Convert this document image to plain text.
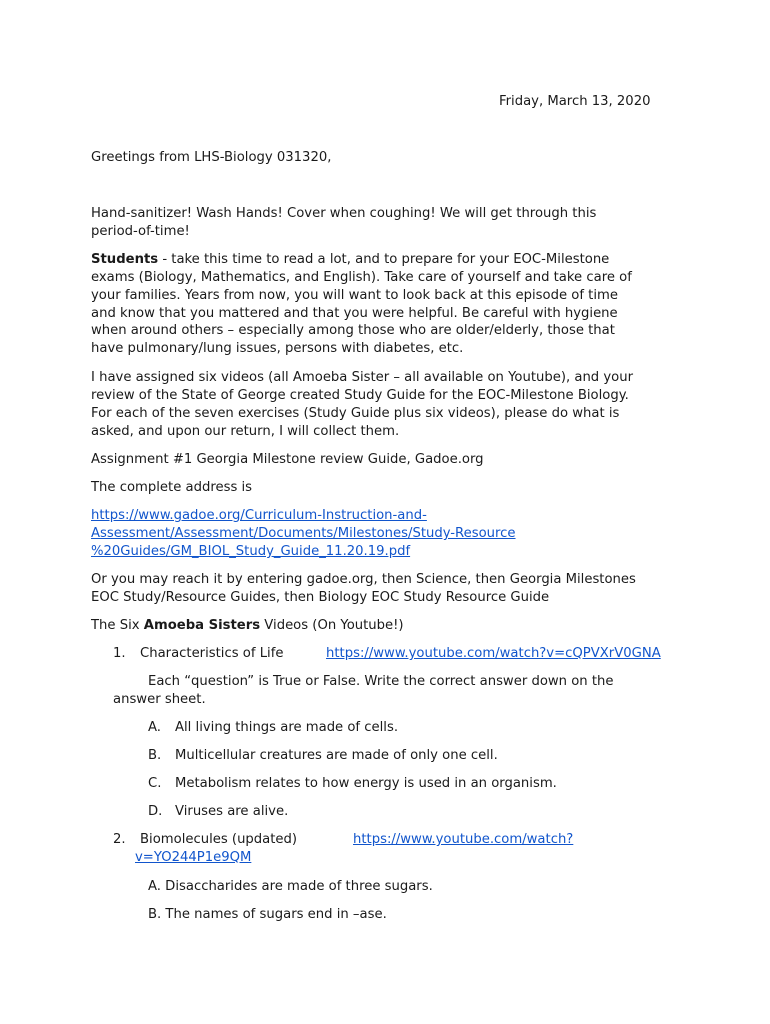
Friday, March 13, 2020

Greetings from LHS-Biology 031320,

Hand-sanitizer! Wash Hands! Cover when coughing! We will get through this

period-of-time!

Students - take this time to read a lot, and to prepare for your EOC-Milestone

exams (Biology, Mathematics, and English). Take care of yourself and take care of

your families. Years from now, you will want to look back at this episode of time

and know that you mattered and that you were helpful. Be careful with hygiene

when around others – especially among those who are older/elderly, those that

have pulmonary/lung issues, persons with diabetes, etc.

I have assigned six videos (all Amoeba Sister – all available on Youtube), and your

review of the State of George created Study Guide for the EOC-Milestone Biology.

For each of the seven exercises (Study Guide plus six videos), please do what is

asked, and upon our return, I will collect them.

Assignment #1 Georgia Milestone review Guide, Gadoe.org

The complete address is

https://www.gadoe.org/Curriculum-Instruction-and-

Assessment/Assessment/Documents/Milestones/Study-Resource

%20Guides/GM_BIOL_Study_Guide_11.20.19.pdf

Or you may reach it by entering gadoe.org, then Science, then Georgia Milestones

EOC Study/Resource Guides, then Biology EOC Study Resource Guide

The Six Amoeba Sisters Videos (On Youtube!)

1. Characteristics of Life	https://www.youtube.com/watch?v=cQPVXrV0GNA

Each “question” is True or False. Write the correct answer down on the

answer sheet.

A. All living things are made of cells.

B. Multicellular creatures are made of only one cell.

C. Metabolism relates to how energy is used in an organism.

D. Viruses are alive.

2. Biomolecules (updated)	https://www.youtube.com/watch?

v=YO244P1e9QM

A. Disaccharides are made of three sugars.

B. The names of sugars end in –ase.
